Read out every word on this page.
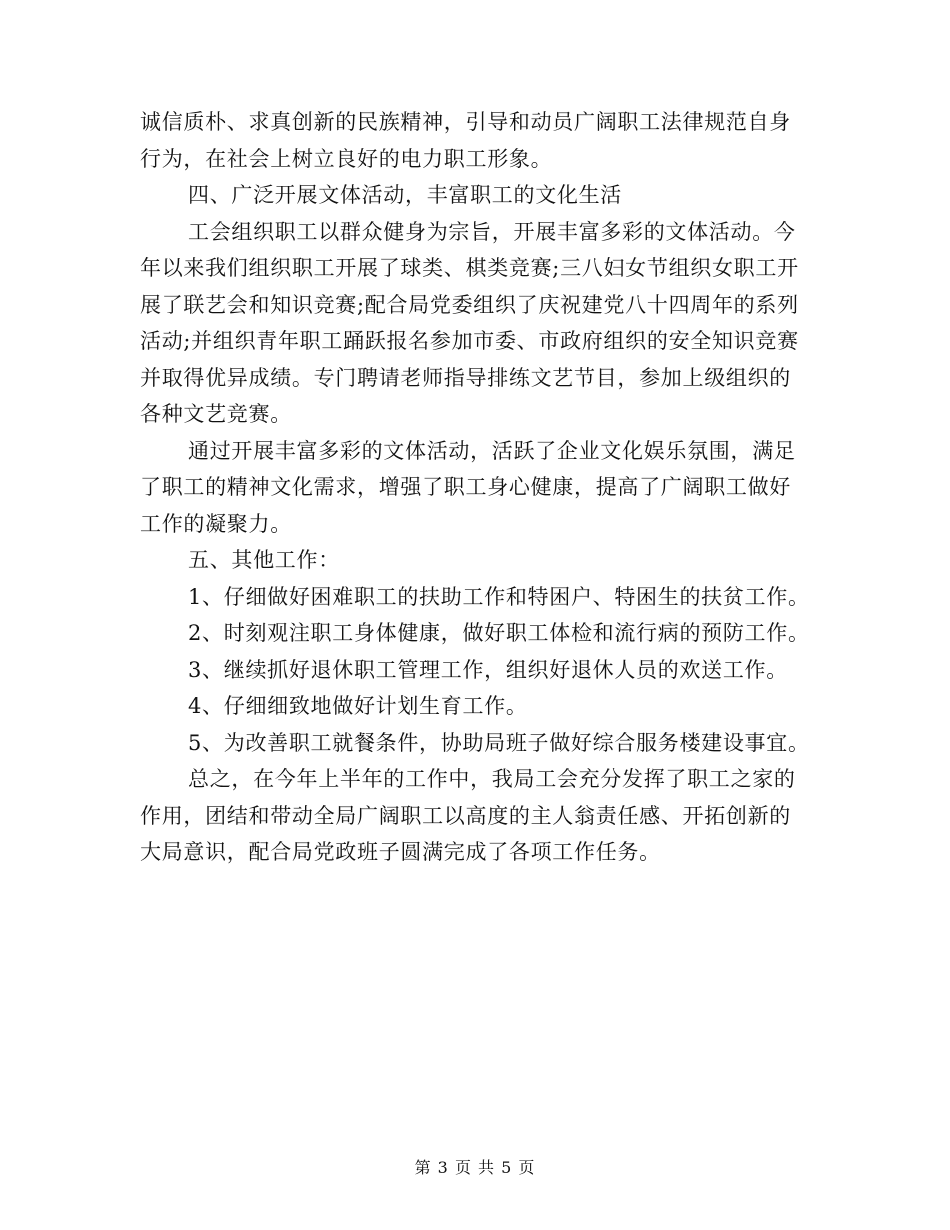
诚信质朴、求真创新的民族精神，引导和动员广阔职工法律规范自身
行为，在社会上树立良好的电力职工形象。
四、广泛开展文体活动，丰富职工的文化生活
工会组织职工以群众健身为宗旨，开展丰富多彩的文体活动。今
年以来我们组织职工开展了球类、棋类竞赛;三八妇女节组织女职工开
展了联艺会和知识竞赛;配合局党委组织了庆祝建党八十四周年的系列
活动;并组织青年职工踊跃报名参加市委、市政府组织的安全知识竞赛
并取得优异成绩。专门聘请老师指导排练文艺节目，参加上级组织的
各种文艺竞赛。
通过开展丰富多彩的文体活动，活跃了企业文化娱乐氛围，满足
了职工的精神文化需求，增强了职工身心健康，提高了广阔职工做好
工作的凝聚力。
五、其他工作：
1、仔细做好困难职工的扶助工作和特困户、特困生的扶贫工作。
2、时刻观注职工身体健康，做好职工体检和流行病的预防工作。
3、继续抓好退休职工管理工作，组织好退休人员的欢送工作。
4、仔细细致地做好计划生育工作。
5、为改善职工就餐条件，协助局班子做好综合服务楼建设事宜。
总之，在今年上半年的工作中，我局工会充分发挥了职工之家的
作用，团结和带动全局广阔职工以高度的主人翁责任感、开拓创新的
大局意识，配合局党政班子圆满完成了各项工作任务。
第 3 页 共 5 页
